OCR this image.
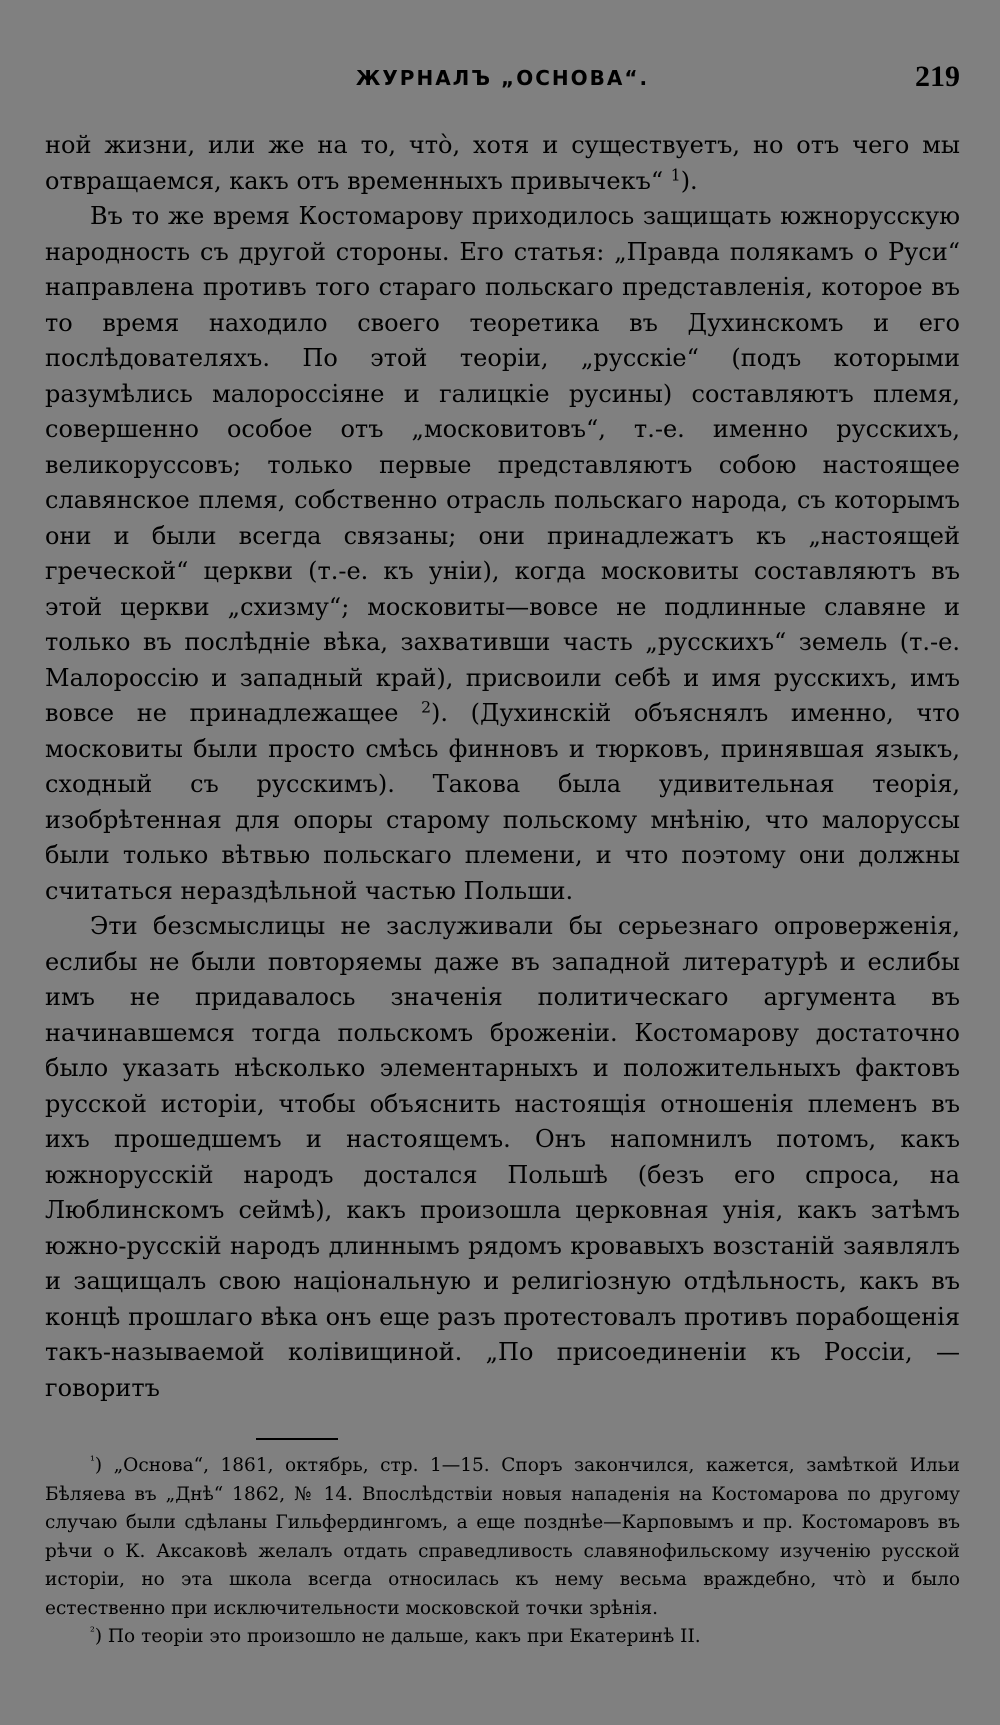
ЖУРНАЛЪ „ОСНОВА“.	219

ной жизни, или же на то, что̀, хотя и существуетъ, но отъ чего мы отвращаемся, какъ отъ временныхъ привычекъ“ $^1$).

Въ то же время Костомарову приходилось защищать южнорусскую народность съ другой стороны. Его статья: „Правда полякамъ о Руси“ направлена противъ того стараго польскаго представленія, которое въ то время находило своего теоретика въ Духинскомъ и его послѣдователяхъ. По этой теоріи, „русскіе“ (подъ которыми разумѣлись малороссіяне и галицкіе русины) составляютъ племя, совершенно особое отъ „московитовъ“, т.-е. именно русскихъ, великоруссовъ; только первые представляютъ собою настоящее славянское племя, собственно отрасль польскаго народа, съ которымъ они и были всегда связаны; они принадлежатъ къ „настоящей греческой“ церкви (т.-е. къ уніи), когда московиты составляютъ въ этой церкви „схизму“; московиты—вовсе не подлинные славяне и только въ послѣдніе вѣка, захвативши часть „русскихъ“ земель (т.-е. Малороссію и западный край), присвоили себѣ и имя русскихъ, имъ вовсе не принадлежащее $^2$). (Духинскій объяснялъ именно, что московиты были просто смѣсь финновъ и тюрковъ, принявшая языкъ, сходный съ русскимъ). Такова была удивительная теорія, изобрѣтенная для опоры старому польскому мнѣнію, что малоруссы были только вѣтвью польскаго племени, и что поэтому они должны считаться нераздѣльной частью Польши.

Эти безсмыслицы не заслуживали бы серьезнаго опроверженія, еслибы не были повторяемы даже въ западной литературѣ и еслибы имъ не придавалось значенія политическаго аргумента въ начинавшемся тогда польскомъ броженіи. Костомарову достаточно было указать нѣсколько элементарныхъ и положительныхъ фактовъ русской исторіи, чтобы объяснить настоящія отношенія племенъ въ ихъ прошедшемъ и настоящемъ. Онъ напомнилъ потомъ, какъ южнорусскій народъ достался Польшѣ (безъ его спроса, на Люблинскомъ сеймѣ), какъ произошла церковная унія, какъ затѣмъ южно-русскій народъ длиннымъ рядомъ кровавыхъ возстаній заявлялъ и защищалъ свою національную и религіозную отдѣльность, какъ въ концѣ прошлаго вѣка онъ еще разъ протестовалъ противъ порабощенія такъ-называемой колівищиной. „По присоединеніи къ Россіи, — говоритъ

$^{^1}$) „Основа“, 1861, октябрь, стр. 1—15. Споръ закончился, кажется, замѣткой Ильи Бѣляева въ „Днѣ“ 1862, № 14. Впослѣдствіи новыя нападенія на Костомарова по другому случаю были сдѣланы Гильфердингомъ, а еще позднѣе—Карповымъ и пр. Костомаровъ въ рѣчи о К. Аксаковѣ желалъ отдать справедливость славянофильскому изученію русской исторіи, но эта школа всегда относилась къ нему весьма враждебно, что̀ и было естественно при исключительности московской точки зрѣнія.

$^{^2}$) По теоріи это произошло не дальше, какъ при Екатеринѣ II.
